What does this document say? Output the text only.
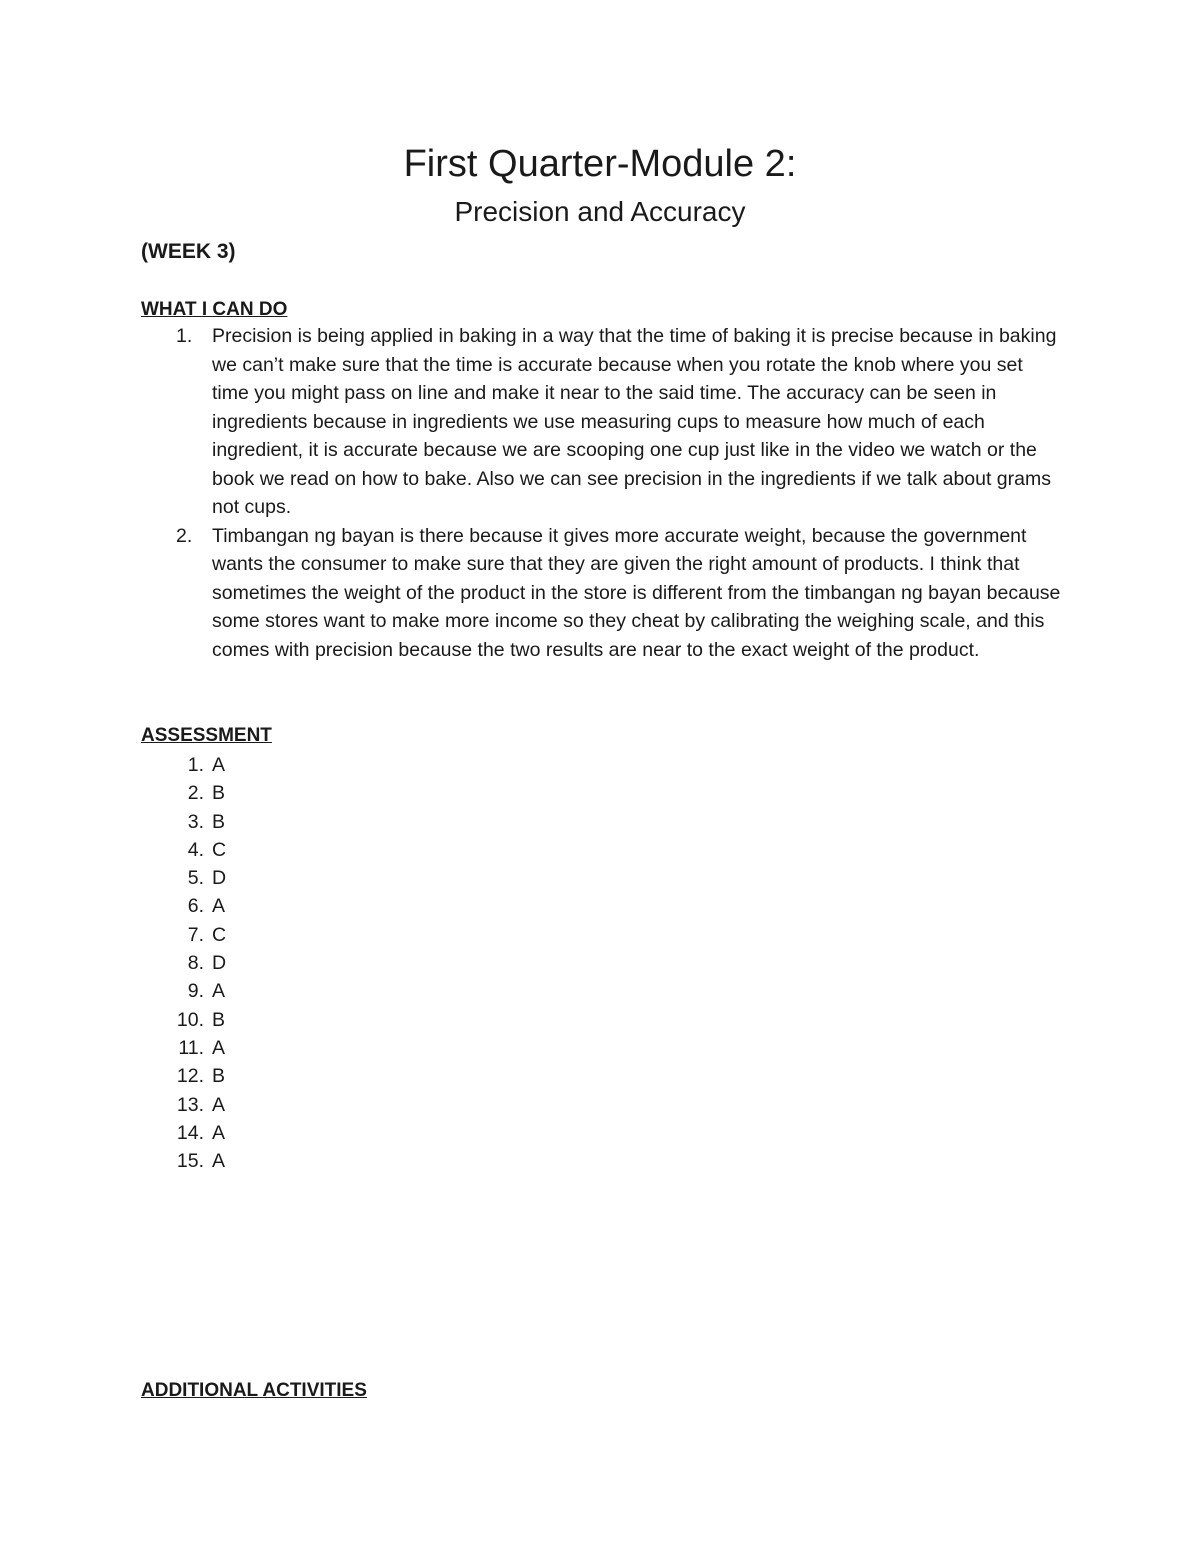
First Quarter-Module 2:
Precision and Accuracy
(WEEK 3)
WHAT I CAN DO
1. Precision is being applied in baking in a way that the time of baking it is precise because in baking we can’t make sure that the time is accurate because when you rotate the knob where you set time you might pass on line and make it near to the said time. The accuracy can be seen in ingredients because in ingredients we use measuring cups to measure how much of each ingredient, it is accurate because we are scooping one cup just like in the video we watch or the book we read on how to bake. Also we can see precision in the ingredients if we talk about grams not cups.
2. Timbangan ng bayan is there because it gives more accurate weight, because the government wants the consumer to make sure that they are given the right amount of products. I think that sometimes the weight of the product in the store is different from the timbangan ng bayan because some stores want to make more income so they cheat by calibrating the weighing scale, and this comes with precision because the two results are near to the exact weight of the product.
ASSESSMENT
1. A
2. B
3. B
4. C
5. D
6. A
7. C
8. D
9. A
10. B
11. A
12. B
13. A
14. A
15. A
ADDITIONAL ACTIVITIES
